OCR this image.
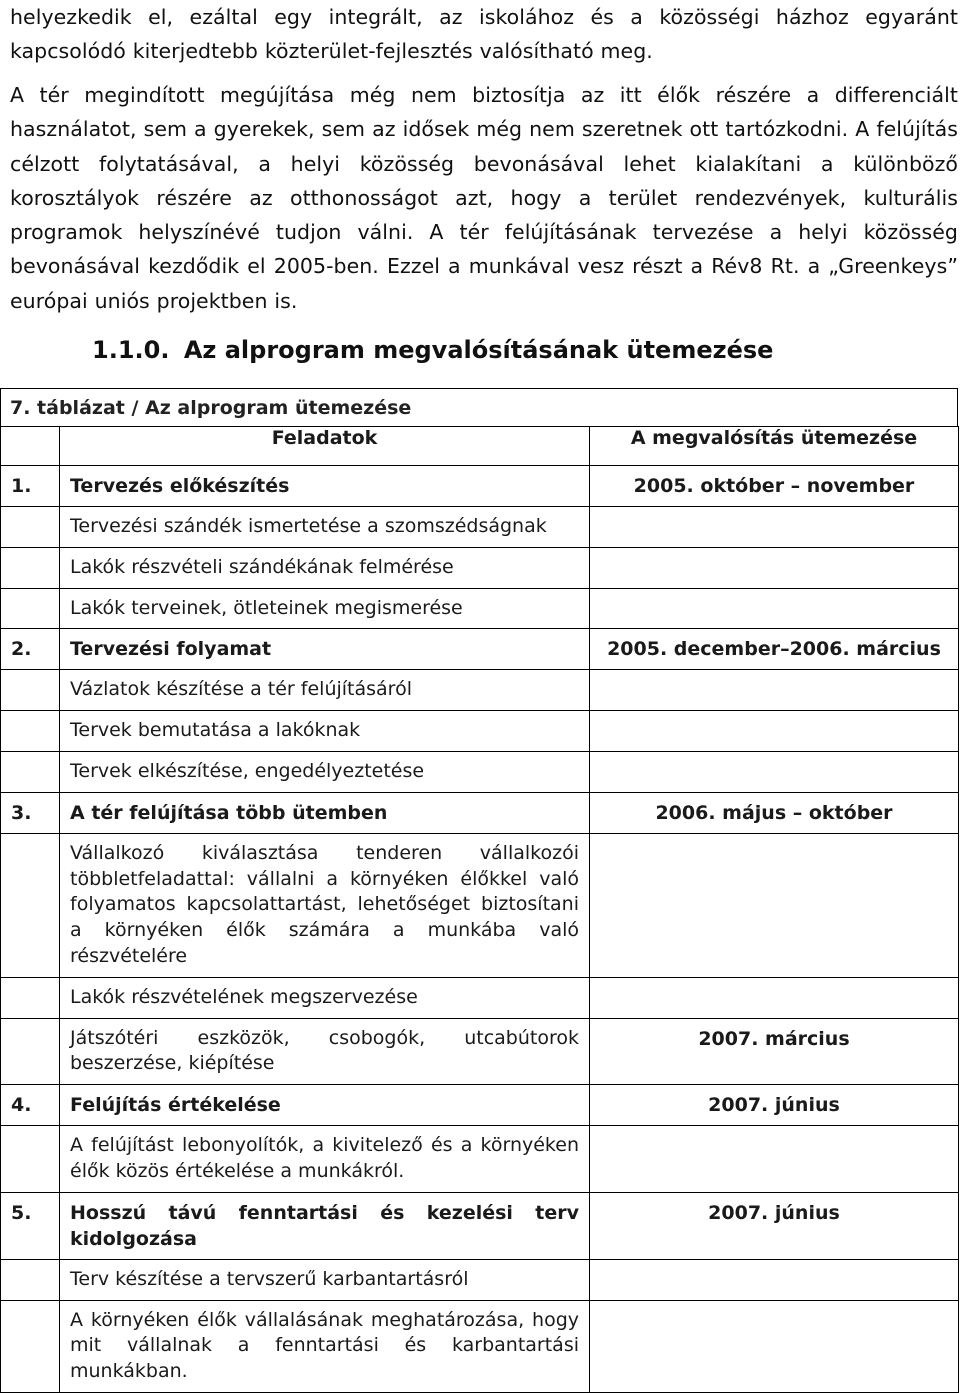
helyezkedik el, ezáltal egy integrált, az iskolához és a közösségi házhoz egyaránt kapcsolódó kiterjedtebb közterület-fejlesztés valósítható meg.

A tér megindított megújítása még nem biztosítja az itt élők részére a differenciált használatot, sem a gyerekek, sem az idősek még nem szeretnek ott tartózkodni. A felújítás célzott folytatásával, a helyi közösség bevonásával lehet kialakítani a különböző korosztályok részére az otthonosságot azt, hogy a terület rendezvények, kulturális programok helyszínévé tudjon válni. A tér felújításának tervezése a helyi közösség bevonásával kezdődik el 2005-ben. Ezzel a munkával vesz részt a Rév8 Rt. a „Greenkeys” európai uniós projektben is.

1.1.0. Az alprogram megvalósításának ütemezése
7. táblázat / Az alprogram ütemezése
	Feladatok	A megvalósítás ütemezése

1.	Tervezés előkészítés	2005. október – november

	Tervezési szándék ismertetése a szomszédságnak	

	Lakók részvételi szándékának felmérése	

	Lakók terveinek, ötleteinek megismerése	

2.	Tervezési folyamat	2005. december–2006. március

	Vázlatok készítése a tér felújításáról	

	Tervek bemutatása a lakóknak	

	Tervek elkészítése, engedélyeztetése	

3.	A tér felújítása több ütemben	2006. május – október

	Vállalkozó kiválasztása tenderen vállalkozói többletfeladattal: vállalni a környéken élőkkel való folyamatos kapcsolattartást, lehetőséget biztosítani a környéken élők számára a munkába való részvételére	

	Lakók részvételének megszervezése	

	Játszótéri eszközök, csobogók, utcabútorok beszerzése, kiépítése	2007. március

4.	Felújítás értékelése	2007. június

	A felújítást lebonyolítók, a kivitelező és a környéken élők közös értékelése a munkákról.	

5.	Hosszú távú fenntartási és kezelési terv kidolgozása	2007. június

	Terv készítése a tervszerű karbantartásról	

	A környéken élők vállalásának meghatározása, hogy mit vállalnak a fenntartási és karbantartási munkákban.	
